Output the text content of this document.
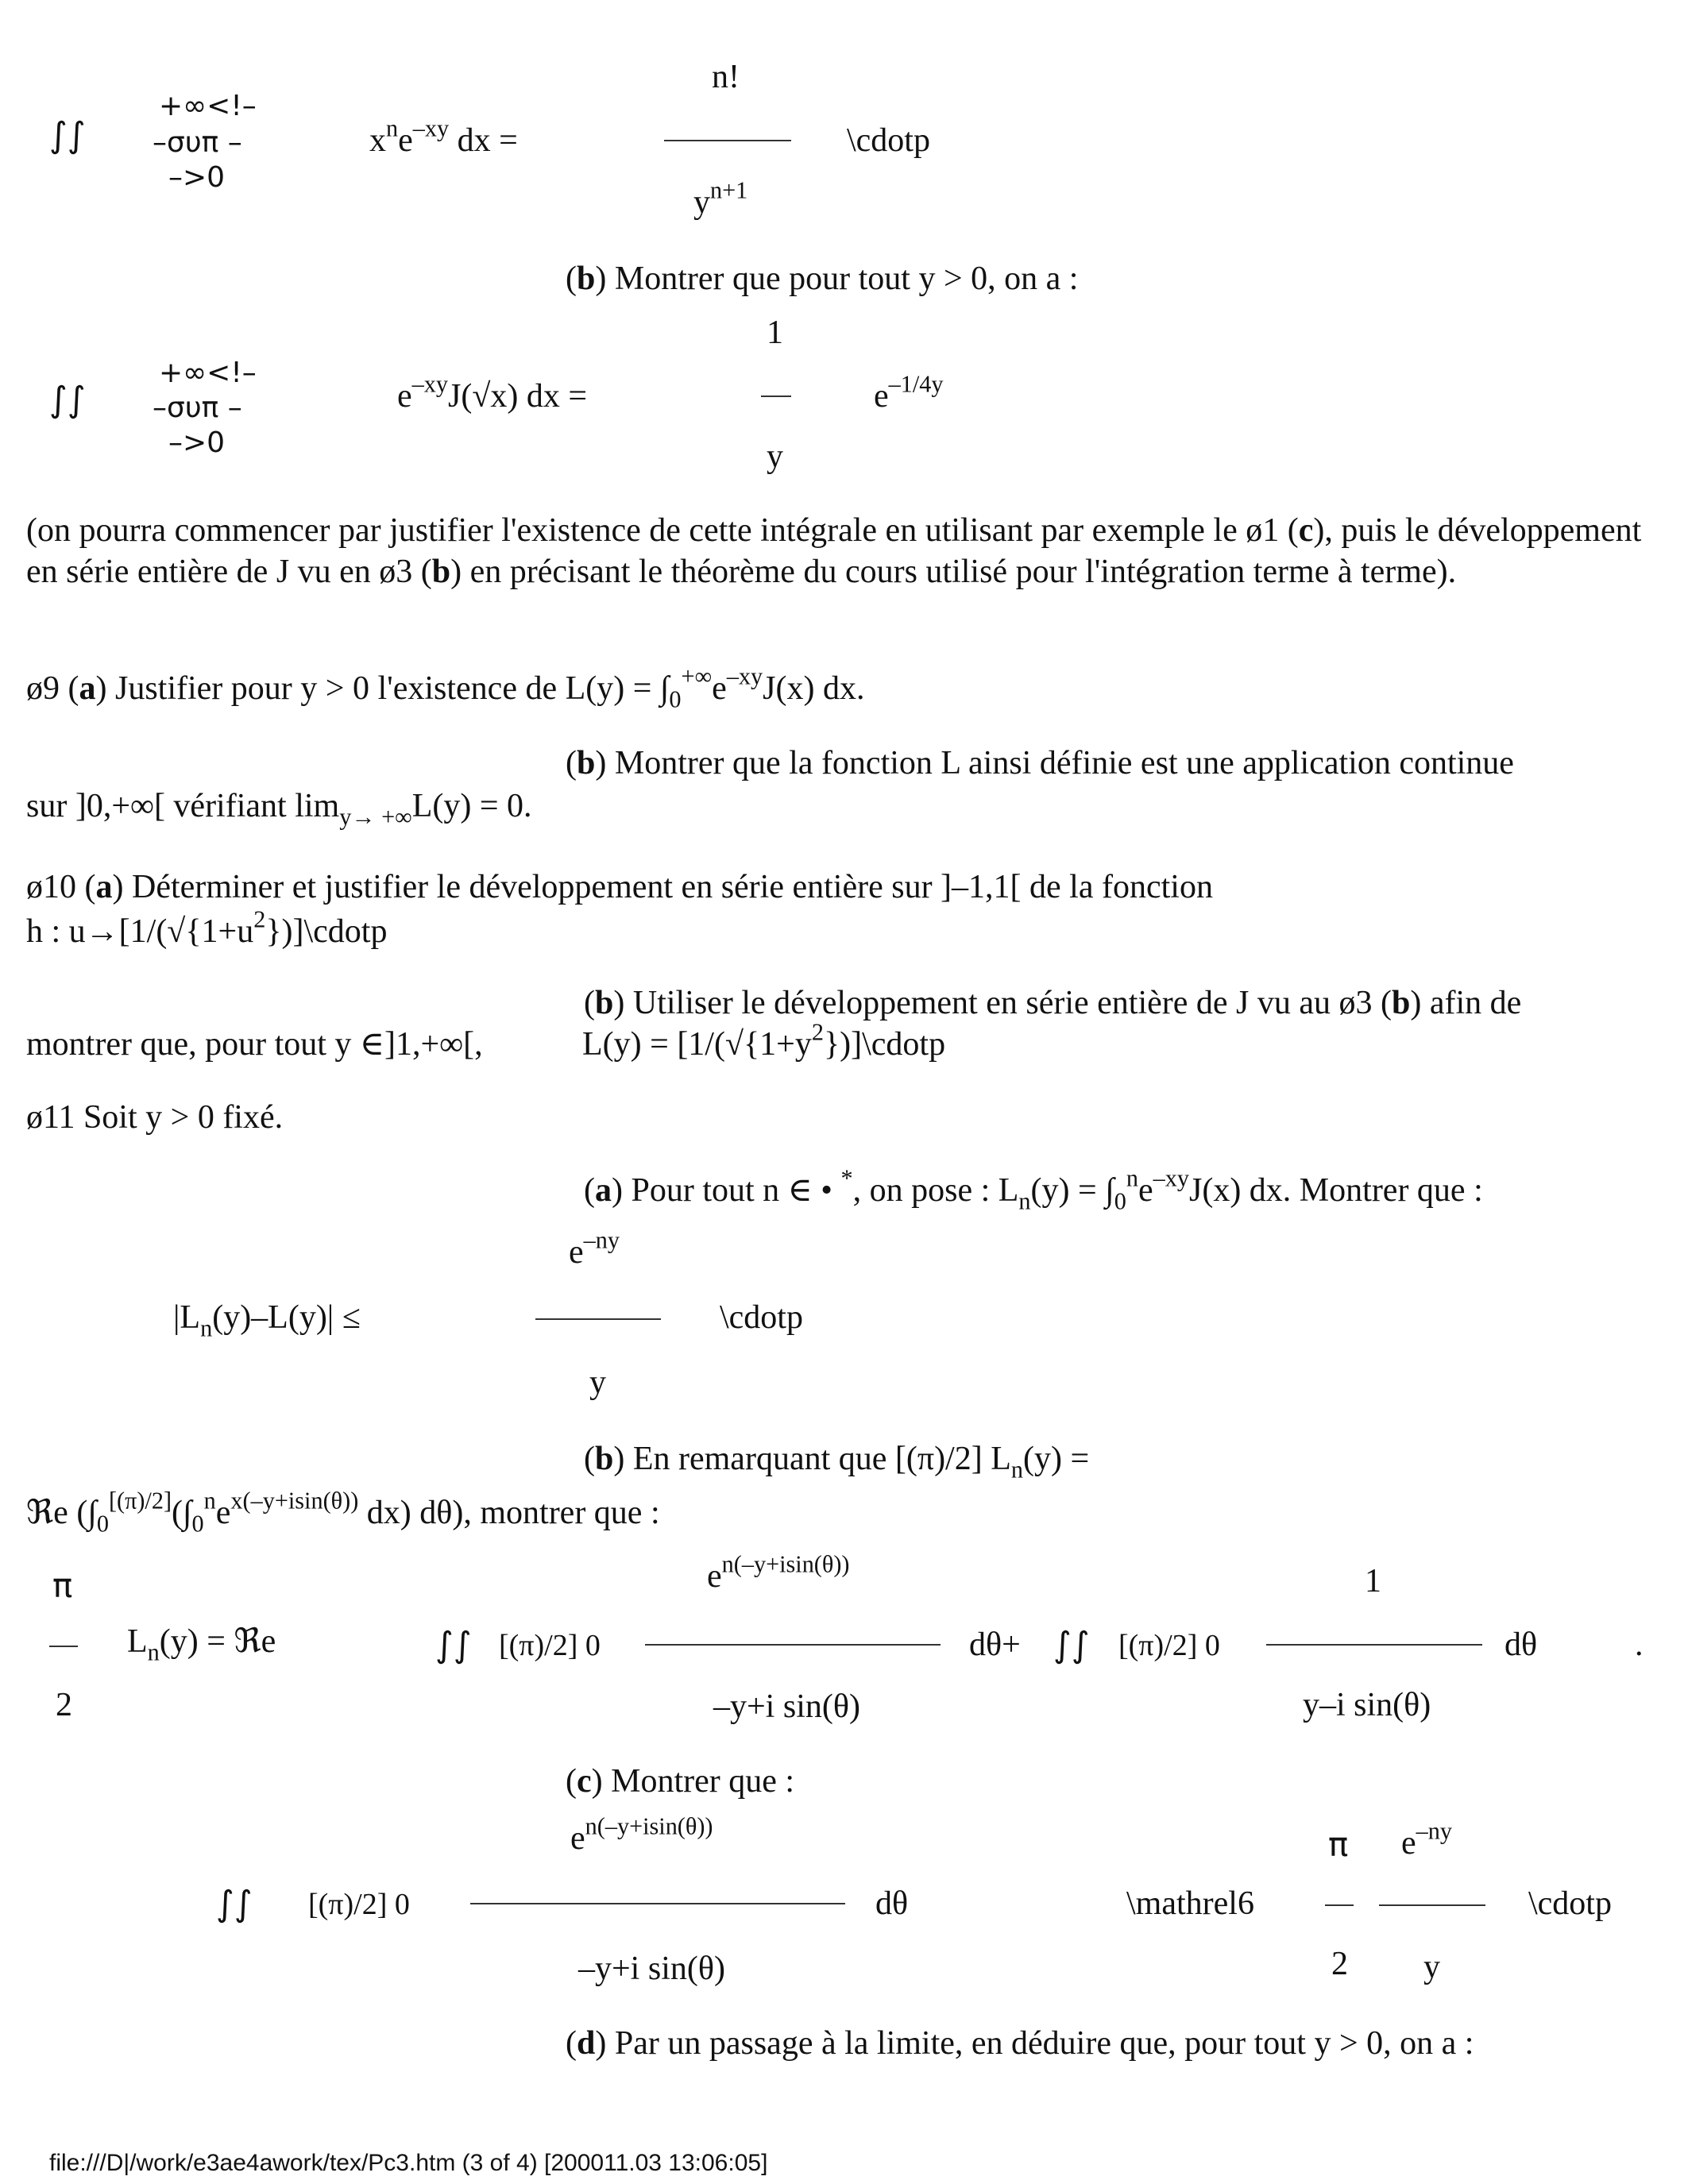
∫∫
+∞<!–
–συπ –
–>0
$x^ne^{-xy}$ dx =
n!
$y^{n+1}$
\cdotp
(b) Montrer que pour tout y > 0, on a :
∫∫
+∞<!–
–συπ –
–>0
$e^{-xy}J(√x)$ dx =
1
y
$e^{-1/4y}$
(on pourra commencer par justifier l'existence de cette intégrale en utilisant par exemple le ø1 (c), puis le développement en série entière de J vu en ø3 (b) en précisant le théorème du cours utilisé pour l'intégration terme à terme).
ø9 (a) Justifier pour y > 0 l'existence de $L(y) = \int_0^{+\infty}e^{-xy}J(x)$ dx.
(b) Montrer que la fonction L ainsi définie est une application continue
sur ]0,+∞[ vérifiant $\lim_{y\to +\infty}L(y) = 0$.
ø10 (a) Déterminer et justifier le développement en série entière sur ]–1,1[ de la fonction
h : $u\to[1/(√\{1+u^2\})]\backslash cdotp$
(b) Utiliser le développement en série entière de J vu au ø3 (b) afin de
montrer que, pour tout y ∈]1,+∞[,	$L(y) = [1/(√\{1+y^2\})]\backslash cdotp$
ø11 Soit y > 0 fixé.
(a) Pour tout n ∈ • *, on pose : $L_n(y) = \int_0^ne^{-xy}J(x)$ dx. Montrer que :
$|L_n(y)-L(y)|$ ≤
$e^{-ny}$
y
\cdotp
(b) En remarquant que [(π)/2] $L_n(y)$ =
ℜe ($\int_0[(\pi)/2](\int_0^ne^{x(-y+isin(\theta))}$ dx) dθ), montrer que :
π
2
$L_n(y)$ = ℜe	∫∫ [(π)/2] 0
$e^{n(-y+isin(\theta))}$
–y+i sin(θ)
dθ+ ∫∫ [(π)/2] 0
1
y–i sin(θ)
dθ	.
(c) Montrer que :
∫∫ [(π)/2] 0
$e^{n(-y+isin(\theta))}$
–y+i sin(θ)
dθ	\mathrel6
π
2
$e^{-ny}$
y
\cdotp
(d) Par un passage à la limite, en déduire que, pour tout y > 0, on a :
file:///D|/work/e3ae4awork/tex/Pc3.htm (3 of 4) [200011.03 13:06:05]
